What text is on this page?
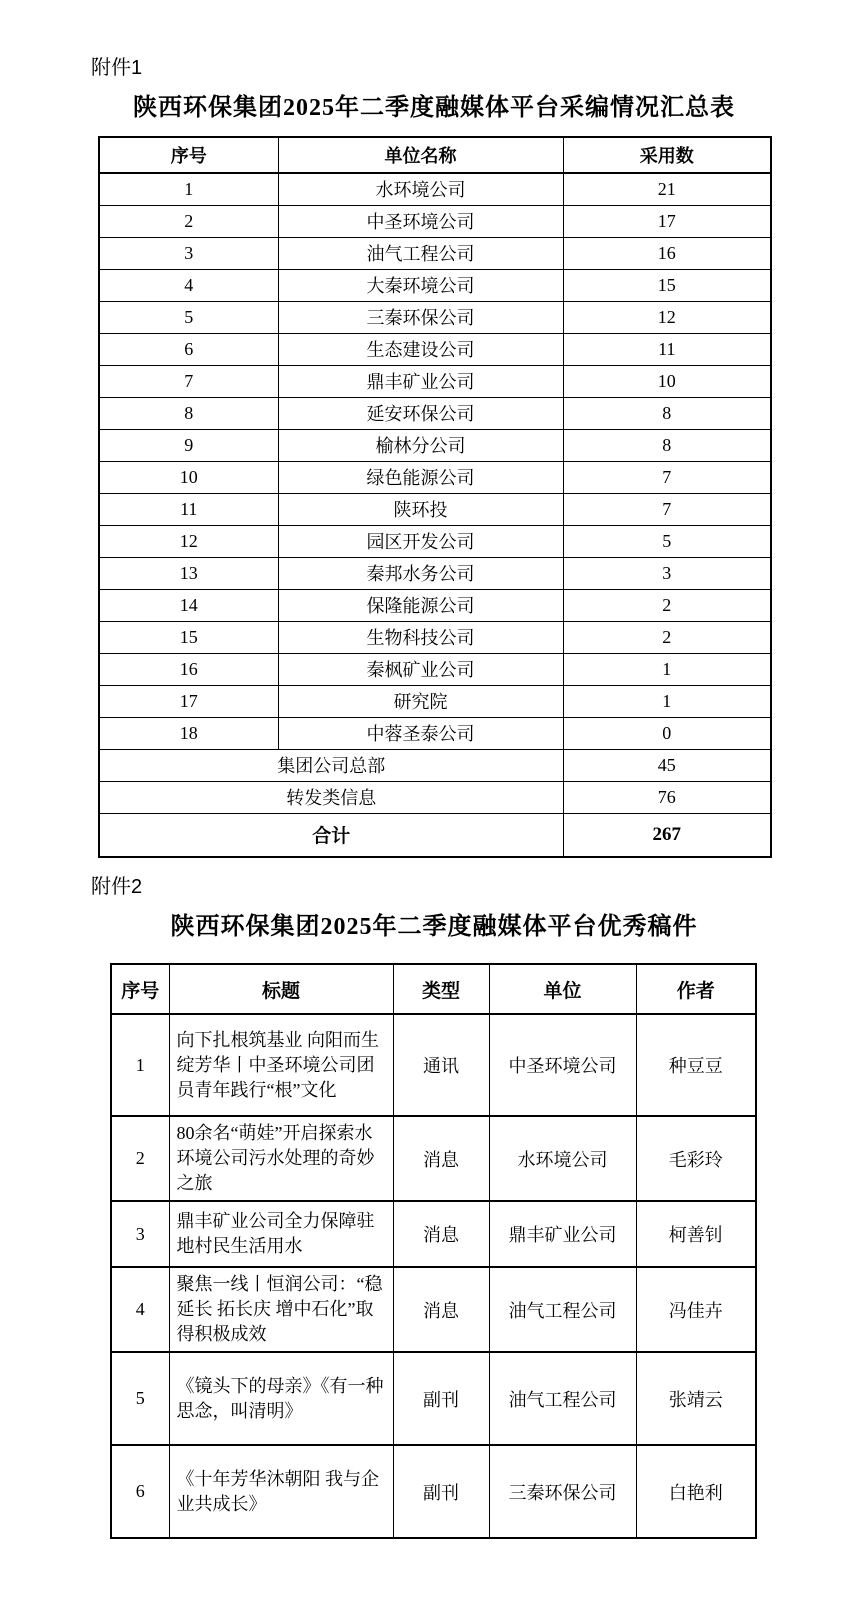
附件1
陕西环保集团2025年二季度融媒体平台采编情况汇总表
序号	单位名称	采用数
1	水环境公司	21
2	中圣环境公司	17
3	油气工程公司	16
4	大秦环境公司	15
5	三秦环保公司	12
6	生态建设公司	11
7	鼎丰矿业公司	10
8	延安环保公司	8
9	榆林分公司	8
10	绿色能源公司	7
11	陕环投	7
12	园区开发公司	5
13	秦邦水务公司	3
14	保隆能源公司	2
15	生物科技公司	2
16	秦枫矿业公司	1
17	研究院	1
18	中蓉圣泰公司	0
集团公司总部		45
转发类信息		76
合计		267
附件2
陕西环保集团2025年二季度融媒体平台优秀稿件
序号	标题	类型	单位	作者
1	向下扎根筑基业 向阳而生绽芳华丨中圣环境公司团员青年践行“根”文化	通讯	中圣环境公司	种豆豆
2	80余名“萌娃”开启探索水环境公司污水处理的奇妙之旅	消息	水环境公司	毛彩玲
3	鼎丰矿业公司全力保障驻地村民生活用水	消息	鼎丰矿业公司	柯善钊
4	聚焦一线丨恒润公司：“稳延长 拓长庆 增中石化”取得积极成效	消息	油气工程公司	冯佳卉
5	《镜头下的母亲》《有一种思念，叫清明》	副刊	油气工程公司	张靖云
6	《十年芳华沐朝阳 我与企业共成长》	副刊	三秦环保公司	白艳利
